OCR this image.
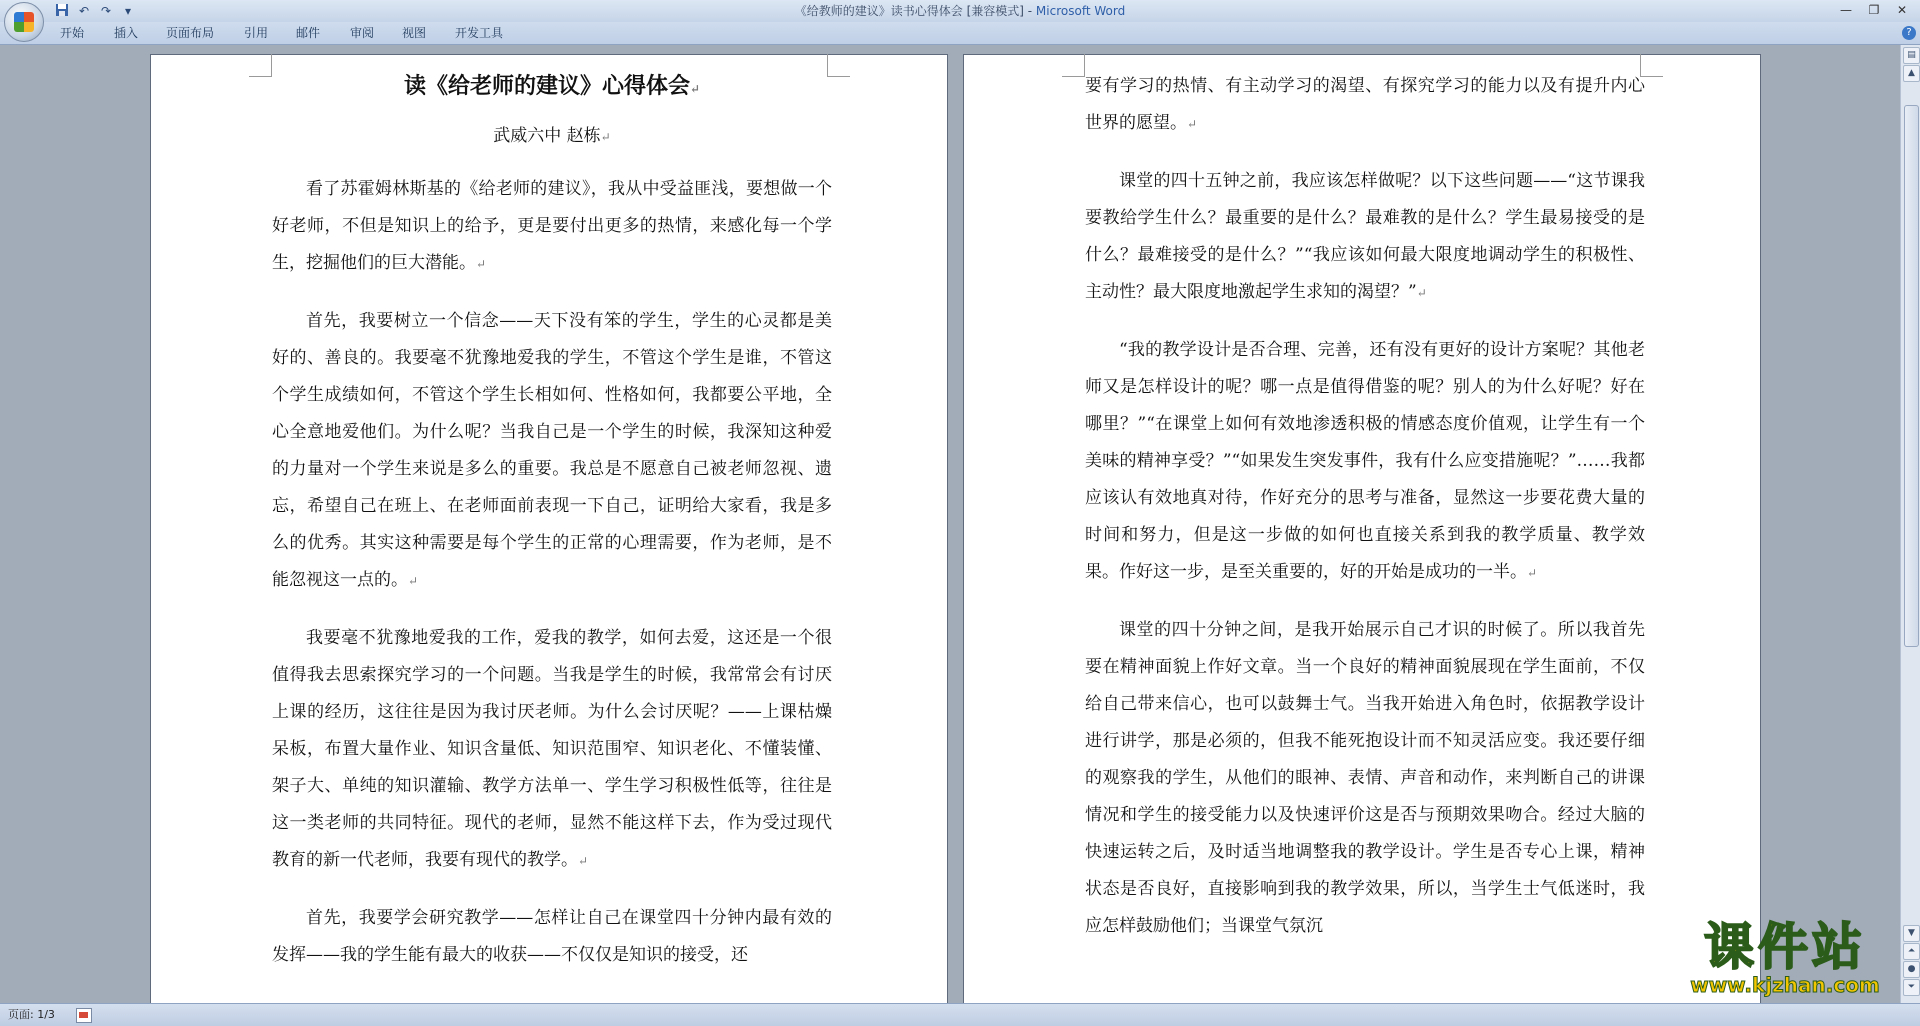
《给教师的建议》读书心得体会 [兼容模式] - Microsoft Word
↶ ↷	▾	—	❐	✕
开始 插入 页面布局 引用 邮件 审阅 视图 开发工具	?
读《给老师的建议》心得体会↵
武威六中 赵栋↵
看了苏霍姆林斯基的《给老师的建议》，我从中受益匪浅，要想做一个好老师，不但是知识上的给予，更是要付出更多的热情，来感化每一个学生，挖掘他们的巨大潜能。↵
首先，我要树立一个信念——天下没有笨的学生，学生的心灵都是美好的、善良的。我要毫不犹豫地爱我的学生，不管这个学生是谁，不管这个学生成绩如何，不管这个学生长相如何、性格如何，我都要公平地，全心全意地爱他们。为什么呢？当我自己是一个学生的时候，我深知这种爱的力量对一个学生来说是多么的重要。我总是不愿意自己被老师忽视、遗忘，希望自己在班上、在老师面前表现一下自己，证明给大家看，我是多么的优秀。其实这种需要是每个学生的正常的心理需要，作为老师，是不能忽视这一点的。↵
我要毫不犹豫地爱我的工作，爱我的教学，如何去爱，这还是一个很值得我去思索探究学习的一个问题。当我是学生的时候，我常常会有讨厌上课的经历，这往往是因为我讨厌老师。为什么会讨厌呢？——上课枯燥呆板，布置大量作业、知识含量低、知识范围窄、知识老化、不懂装懂、架子大、单纯的知识灌输、教学方法单一、学生学习积极性低等，往往是这一类老师的共同特征。现代的老师，显然不能这样下去，作为受过现代教育的新一代老师，我要有现代的教学。↵
首先，我要学会研究教学——怎样让自己在课堂四十分钟内最有效的发挥——我的学生能有最大的收获——不仅仅是知识的接受，还
要有学习的热情、有主动学习的渴望、有探究学习的能力以及有提升内心世界的愿望。↵
课堂的四十五钟之前，我应该怎样做呢？以下这些问题——“这节课我要教给学生什么？最重要的是什么？最难教的是什么？学生最易接受的是什么？最难接受的是什么？”“我应该如何最大限度地调动学生的积极性、主动性？最大限度地激起学生求知的渴望？”↵
“我的教学设计是否合理、完善，还有没有更好的设计方案呢？其他老师又是怎样设计的呢？哪一点是值得借鉴的呢？别人的为什么好呢？好在哪里？”“在课堂上如何有效地渗透积极的情感态度价值观，让学生有一个美味的精神享受？”“如果发生突发事件，我有什么应变措施呢？”……我都应该认有效地真对待，作好充分的思考与准备，显然这一步要花费大量的时间和努力，但是这一步做的如何也直接关系到我的教学质量、教学效果。作好这一步，是至关重要的，好的开始是成功的一半。↵
课堂的四十分钟之间，是我开始展示自己才识的时候了。所以我首先要在精神面貌上作好文章。当一个良好的精神面貌展现在学生面前，不仅给自己带来信心，也可以鼓舞士气。当我开始进入角色时，依据教学设计进行讲学，那是必须的，但我不能死抱设计而不知灵活应变。我还要仔细的观察我的学生，从他们的眼神、表情、声音和动作，来判断自己的讲课情况和学生的接受能力以及快速评价这是否与预期效果吻合。经过大脑的快速运转之后，及时适当地调整我的教学设计。学生是否专心上课，精神状态是否良好，直接影响到我的教学效果，所以，当学生士气低迷时，我应怎样鼓励他们；当课堂气氛沉
▤
▲
▼
⏶
●
⏷
页面: 1/3
课件站
www.kjzhan.com
